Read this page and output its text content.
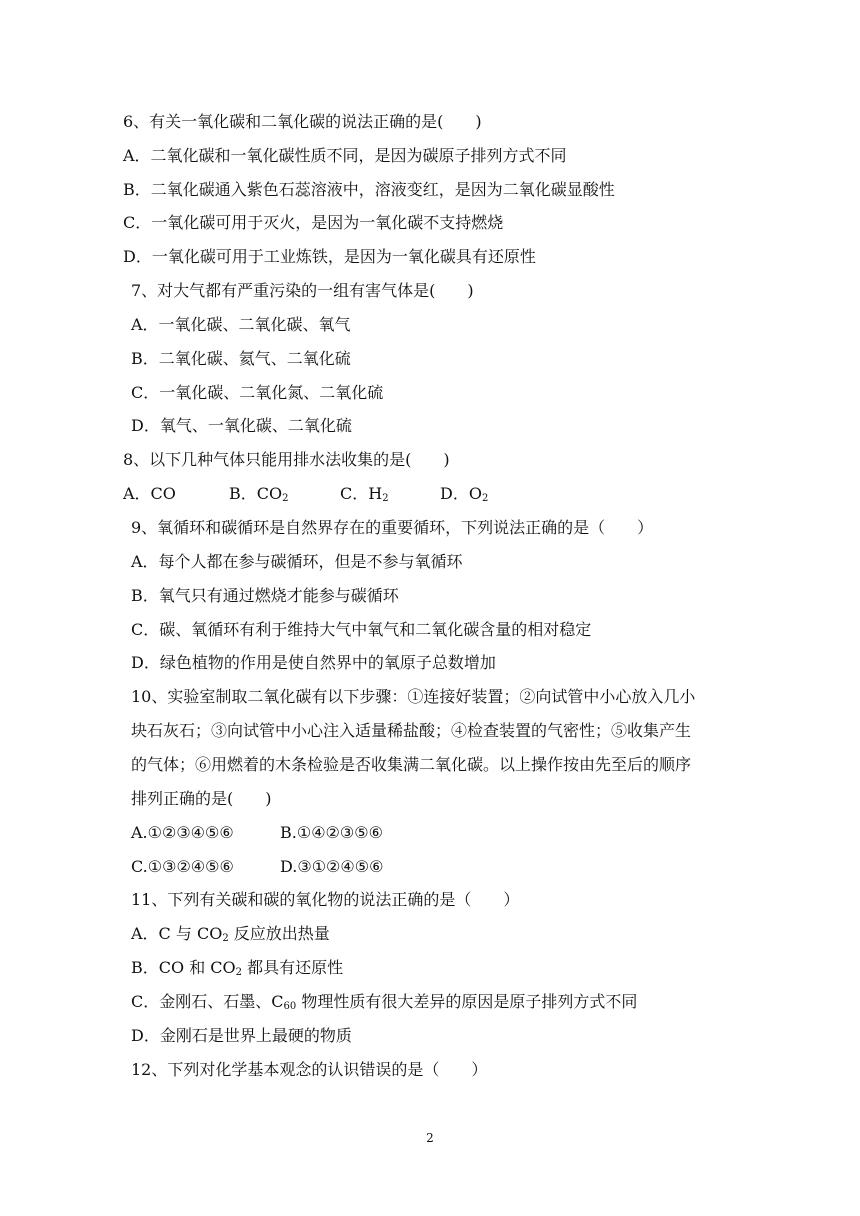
6、有关一氧化碳和二氧化碳的说法正确的是(　　)
A．二氧化碳和一氧化碳性质不同，是因为碳原子排列方式不同
B．二氧化碳通入紫色石蕊溶液中，溶液变红，是因为二氧化碳显酸性
C．一氧化碳可用于灭火，是因为一氧化碳不支持燃烧
D．一氧化碳可用于工业炼铁，是因为一氧化碳具有还原性
7、对大气都有严重污染的一组有害气体是(　　)
A．一氧化碳、二氧化碳、氧气
B．二氧化碳、氦气、二氧化硫
C．一氧化碳、二氧化氮、二氧化硫
D．氧气、一氧化碳、二氧化硫
8、以下几种气体只能用排水法收集的是(　　)
A．CO	B．$CO_2$	C．$H_2$	D．$O_2$
9、氧循环和碳循环是自然界存在的重要循环，下列说法正确的是（　　）
A．每个人都在参与碳循环，但是不参与氧循环
B．氧气只有通过燃烧才能参与碳循环
C．碳、氧循环有利于维持大气中氧气和二氧化碳含量的相对稳定
D．绿色植物的作用是使自然界中的氧原子总数增加
10、实验室制取二氧化碳有以下步骤：①连接好装置；②向试管中小心放入几小
块石灰石；③向试管中小心注入适量稀盐酸；④检查装置的气密性；⑤收集产生
的气体；⑥用燃着的木条检验是否收集满二氧化碳。以上操作按由先至后的顺序
排列正确的是(　　)
A.①②③④⑤⑥	B.①④②③⑤⑥
C.①③②④⑤⑥	D.③①②④⑤⑥
11、下列有关碳和碳的氧化物的说法正确的是（　　）
A．C 与 $CO_2$ 反应放出热量
B．CO 和 $CO_2$ 都具有还原性
C．金刚石、石墨、$C_{60}$ 物理性质有很大差异的原因是原子排列方式不同
D．金刚石是世界上最硬的物质
12、下列对化学基本观念的认识错误的是（　　）
2
